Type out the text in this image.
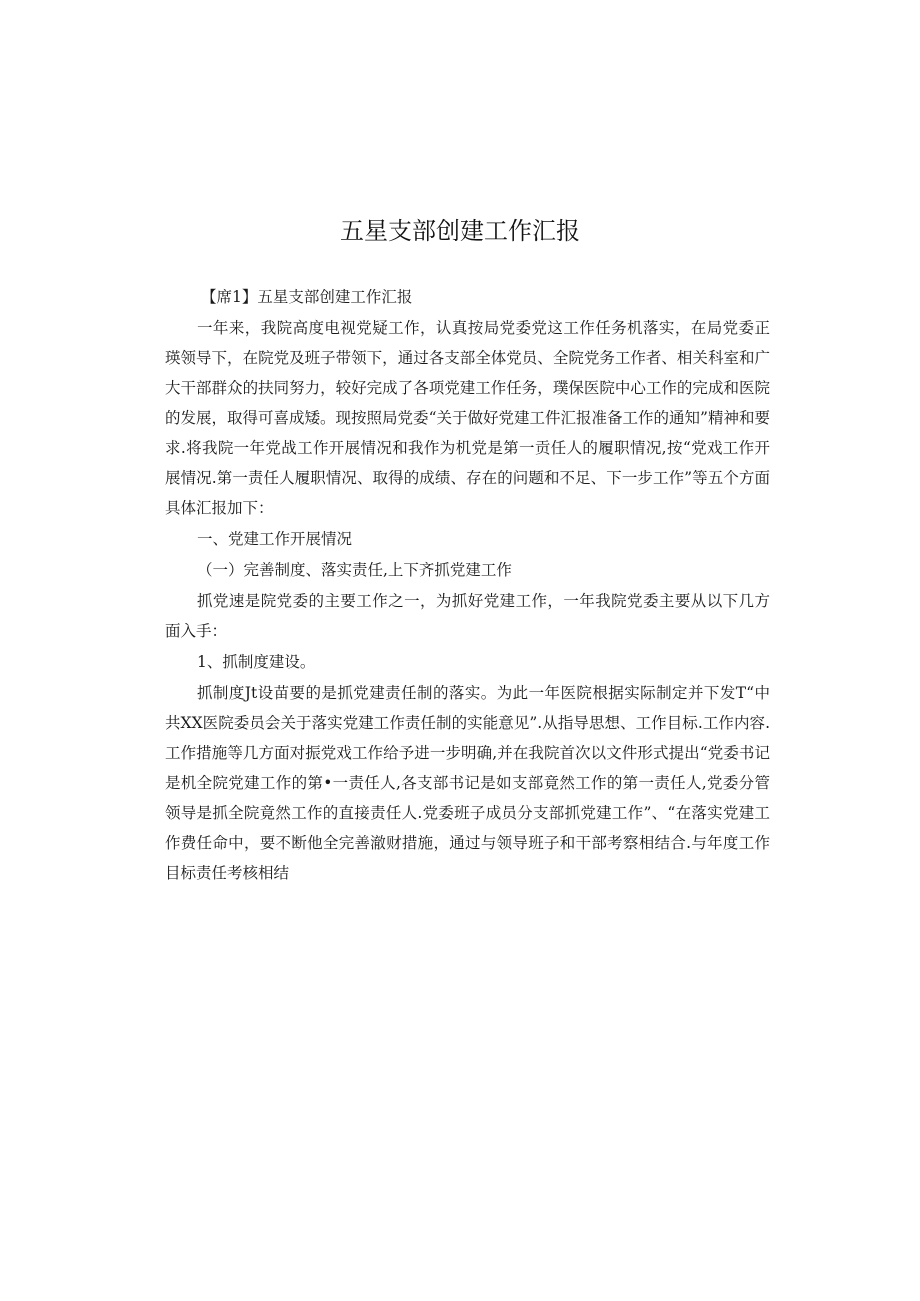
五星支部创建工作汇报

【席1】五星支部创建工作汇报

一年来，我院高度电视党疑工作，认真按局党委党这工作任务机落实，在局党委正瑛领导下，在院党及班子带领下，通过各支部全体党员、全院党务工作者、相关科室和广大干部群众的扶同努力，较好完成了各项党建工作任务，璞保医院中心工作的完成和医院的发展，取得可喜成矮。现按照局党委“关于做好党建工件汇报准备工作的通知”精神和要求.将我院一年党战工作开展情况和我作为机党是第一贡任人的履职情况,按“党戏工作开展情况.第一责任人履职情况、取得的成绩、存在的问题和不足、下一步工作”等五个方面具体汇报加下：

一、党建工作开展情况

（一）完善制度、落实责任,上下齐抓党建工作

抓党速是院党委的主要工作之一，为抓好党建工作，一年我院党委主要从以下几方面入手：

1、抓制度建设。

抓制度Jt设苗要的是抓党建责任制的落实。为此一年医院根据实际制定并下发T“中共XX医院委员会关于落实党建工作责任制的实能意见”.从指导思想、工作目标.工作内容.工作措施等几方面对振党戏工作给予进一步明确,并在我院首次以文件形式提出“党委书记是机全院党建工作的第•一责任人,各支部书记是如支部竟然工作的第一责任人,党委分管领导是抓全院竟然工作的直接责任人.党委班子成员分支部抓党建工作”、“在落实党建工作费任命中，要不断他全完善澈财措施，通过与领导班子和干部考察相结合.与年度工作目标责任考核相结
